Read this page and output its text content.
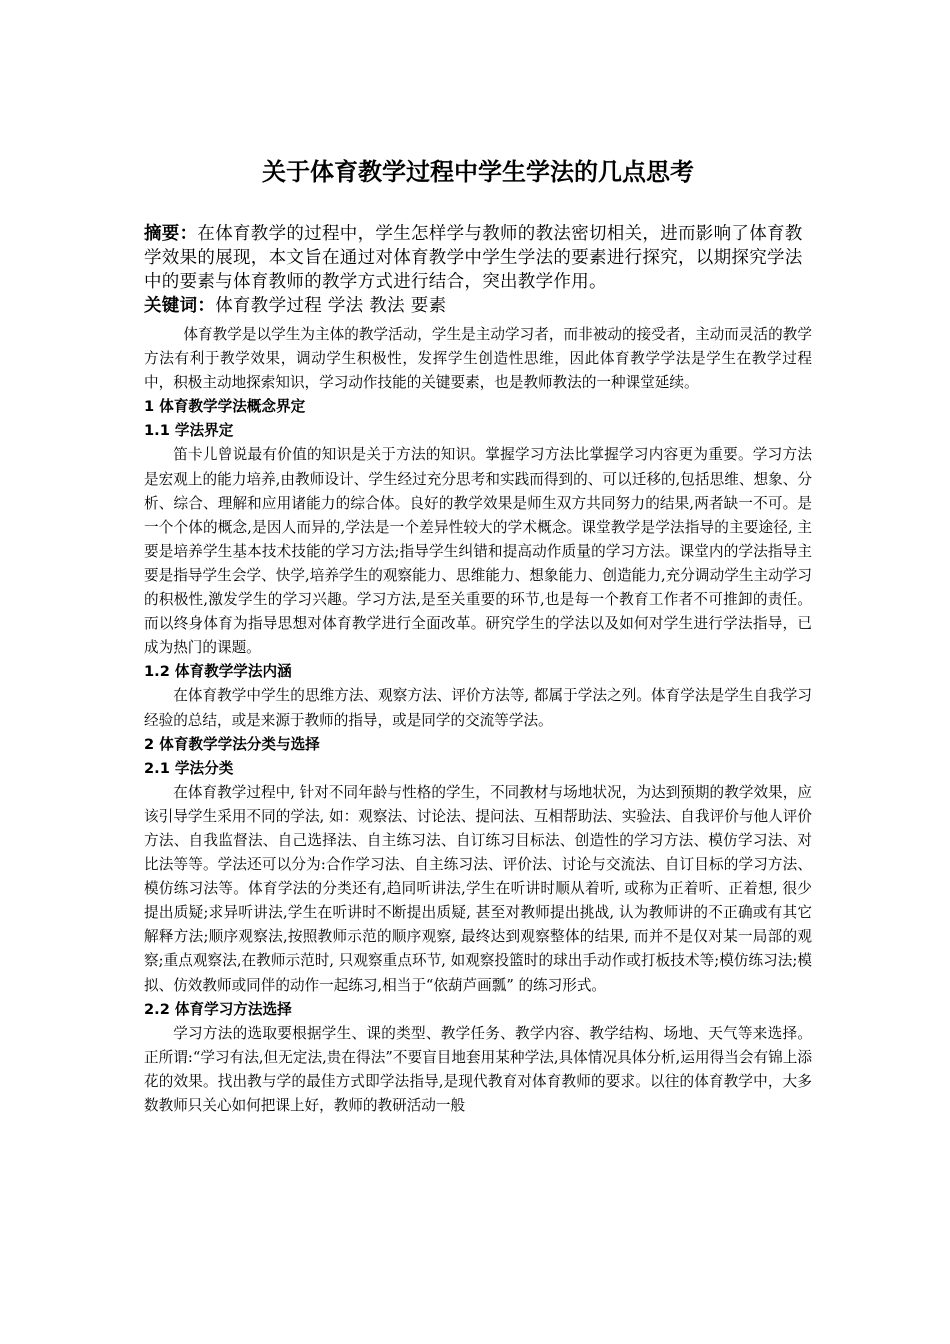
关于体育教学过程中学生学法的几点思考

摘要：在体育教学的过程中，学生怎样学与教师的教法密切相关，进而影响了体育教学效果的展现，本文旨在通过对体育教学中学生学法的要素进行探究，以期探究学法中的要素与体育教师的教学方式进行结合，突出教学作用。

关键词：体育教学过程 学法 教法 要素

体育教学是以学生为主体的教学活动，学生是主动学习者，而非被动的接受者，主动而灵活的教学方法有利于教学效果，调动学生积极性，发挥学生创造性思维，因此体育教学学法是学生在教学过程中，积极主动地探索知识，学习动作技能的关键要素，也是教师教法的一种课堂延续。

1 体育教学学法概念界定
1.1 学法界定

笛卡儿曾说最有价值的知识是关于方法的知识。掌握学习方法比掌握学习内容更为重要。学习方法是宏观上的能力培养,由教师设计、学生经过充分思考和实践而得到的、可以迁移的,包括思维、想象、分析、综合、理解和应用诸能力的综合体。良好的教学效果是师生双方共同努力的结果,两者缺一不可。是一个个体的概念,是因人而异的,学法是一个差异性较大的学术概念。课堂教学是学法指导的主要途径, 主要是培养学生基本技术技能的学习方法;指导学生纠错和提高动作质量的学习方法。课堂内的学法指导主要是指导学生会学、快学,培养学生的观察能力、思维能力、想象能力、创造能力,充分调动学生主动学习的积极性,激发学生的学习兴趣。学习方法,是至关重要的环节,也是每一个教育工作者不可推卸的责任。而以终身体育为指导思想对体育教学进行全面改革。研究学生的学法以及如何对学生进行学法指导，已成为热门的课题。

1.2 体育教学学法内涵

在体育教学中学生的思维方法、观察方法、评价方法等, 都属于学法之列。体育学法是学生自我学习经验的总结，或是来源于教师的指导，或是同学的交流等学法。

2 体育教学学法分类与选择
2.1 学法分类

在体育教学过程中, 针对不同年龄与性格的学生，不同教材与场地状况，为达到预期的教学效果，应该引导学生采用不同的学法, 如：观察法、讨论法、提问法、互相帮助法、实验法、自我评价与他人评价方法、自我监督法、自己选择法、自主练习法、自订练习目标法、创造性的学习方法、模仿学习法、对比法等等。学法还可以分为:合作学习法、自主练习法、评价法、讨论与交流法、自订目标的学习方法、模仿练习法等。体育学法的分类还有,趋同听讲法,学生在听讲时顺从着听, 或称为正着听、正着想, 很少提出质疑;求异听讲法,学生在听讲时不断提出质疑, 甚至对教师提出挑战, 认为教师讲的不正确或有其它解释方法;顺序观察法,按照教师示范的顺序观察, 最终达到观察整体的结果, 而并不是仅对某一局部的观察;重点观察法,在教师示范时, 只观察重点环节, 如观察投篮时的球出手动作或打板技术等;模仿练习法;模拟、仿效教师或同伴的动作一起练习,相当于“依葫芦画瓢” 的练习形式。

2.2 体育学习方法选择

学习方法的选取要根据学生、课的类型、教学任务、教学内容、教学结构、场地、天气等来选择。正所谓:“学习有法,但无定法,贵在得法”不要盲目地套用某种学法,具体情况具体分析,运用得当会有锦上添花的效果。找出教与学的最佳方式即学法指导,是现代教育对体育教师的要求。以往的体育教学中，大多数教师只关心如何把课上好，教师的教研活动一般
